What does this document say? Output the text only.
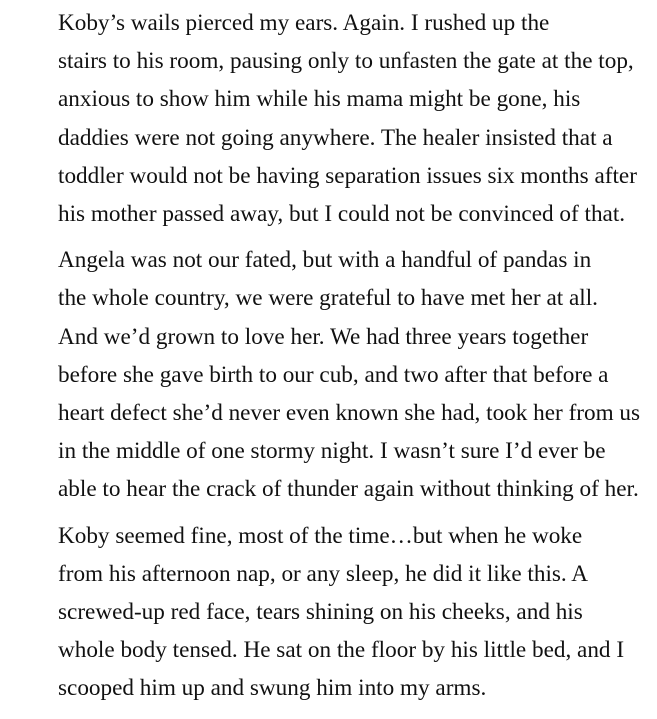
Koby’s wails pierced my ears. Again. I rushed up the
stairs to his room, pausing only to unfasten the gate at the top,
anxious to show him while his mama might be gone, his
daddies were not going anywhere. The healer insisted that a
toddler would not be having separation issues six months after
his mother passed away, but I could not be convinced of that.

Angela was not our fated, but with a handful of pandas in
the whole country, we were grateful to have met her at all.
And we’d grown to love her. We had three years together
before she gave birth to our cub, and two after that before a
heart defect she’d never even known she had, took her from us
in the middle of one stormy night. I wasn’t sure I’d ever be
able to hear the crack of thunder again without thinking of her.

Koby seemed fine, most of the time…but when he woke
from his afternoon nap, or any sleep, he did it like this. A
screwed-up red face, tears shining on his cheeks, and his
whole body tensed. He sat on the floor by his little bed, and I
scooped him up and swung him into my arms.
